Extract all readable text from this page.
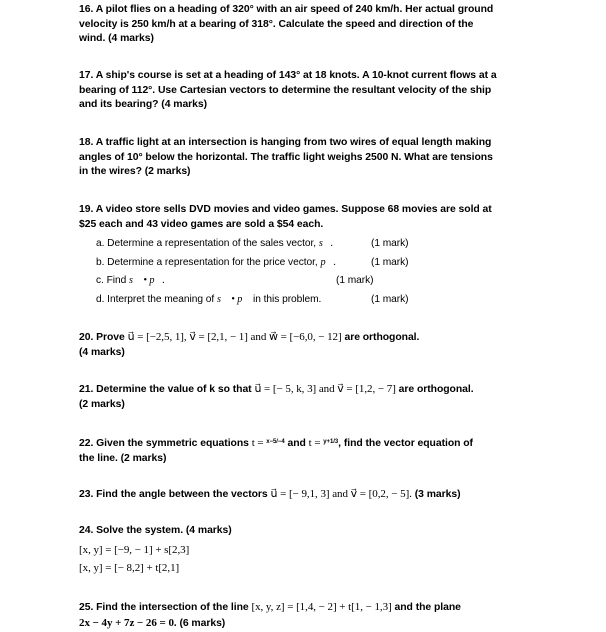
16. A pilot flies on a heading of 320° with an air speed of 240 km/h. Her actual ground

velocity is 250 km/h at a bearing of 318°. Calculate the speed and direction of the

wind. (4 marks)

17. A ship's course is set at a heading of 143° at 18 knots. A 10-knot current flows at a

bearing of 112°. Use Cartesian vectors to determine the resultant velocity of the ship

and its bearing? (4 marks)

18. A traffic light at an intersection is hanging from two wires of equal length making

angles of 10° below the horizontal. The traffic light weighs 2500 N. What are tensions

in the wires? (2 marks)

19. A video store sells DVD movies and video games. Suppose 68 movies are sold at

$25 each and 43 video games are sold a $54 each.

a. Determine a representation of the sales vector, s⃗.	(1 mark)
b. Determine a representation for the price vector, p⃗.	(1 mark)
c. Find s⃗ • p⃗.	(1 mark)
d. Interpret the meaning of s⃗ • p⃗ in this problem.	(1 mark)

20. Prove u⃗ = [−2,5, 1], v⃗ = [2,1, − 1] and w⃗ = [−6,0, − 12] are orthogonal.

(4 marks)

21. Determine the value of k so that u⃗ = [− 5, k, 3] and v⃗ = [1,2, − 7] are orthogonal.

(2 marks)

22. Given the symmetric equations t = x−5/−4 and t = y+1/3, find the vector equation of

the line. (2 marks)

23. Find the angle between the vectors u⃗ = [− 9,1, 3] and v⃗ = [0,2, − 5]. (3 marks)

24. Solve the system. (4 marks)

[x, y] = [−9, − 1] + s[2,3]
[x, y] = [− 8,2] + t[2,1]

25. Find the intersection of the line [x, y, z] = [1,4, − 2] + t[1, − 1,3] and the plane

2x − 4y + 7z − 26 = 0. (6 marks)
